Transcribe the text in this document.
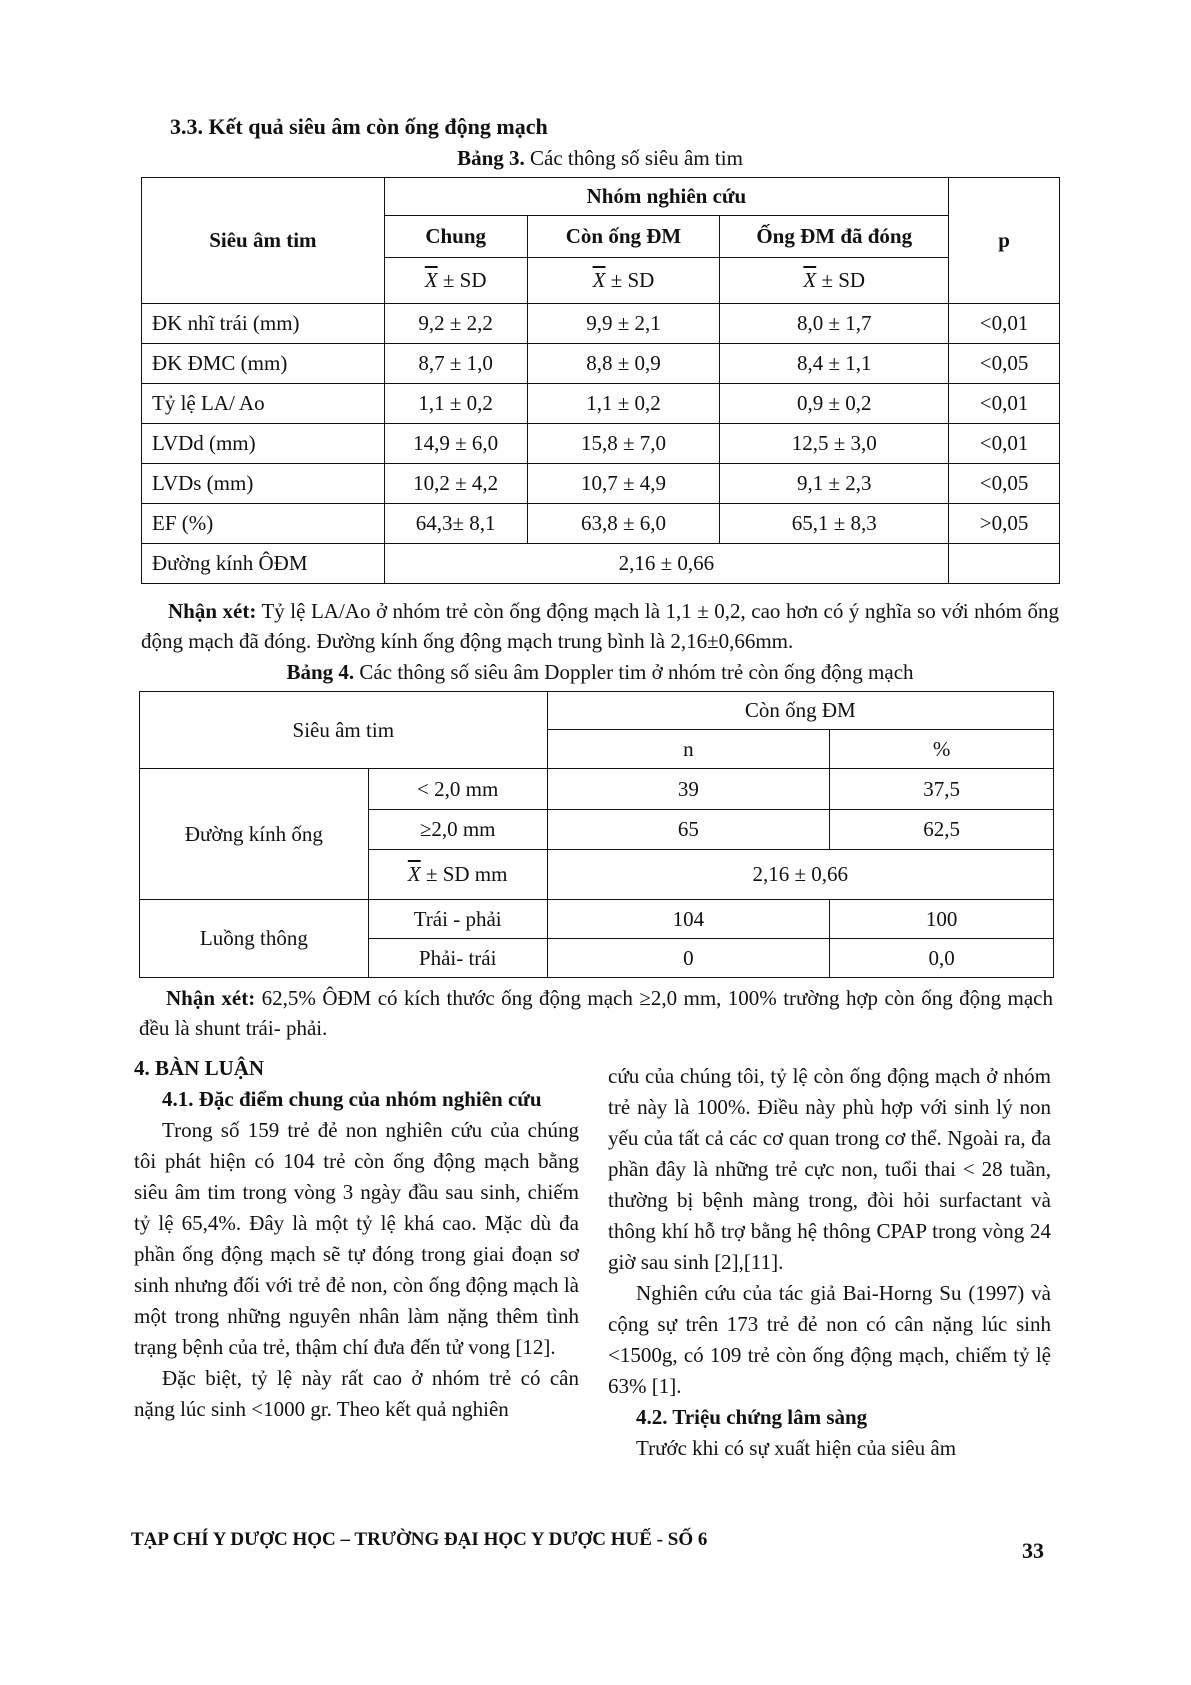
3.3. Kết quả siêu âm còn ống động mạch
Bảng 3. Các thông số siêu âm tim
Siêu âm tim	Nhóm nghiên cứu			p
	Chung	Còn ống ĐM	Ống ĐM đã đóng	
	$\overline{X}$ ± SD	$\overline{X}$ ± SD	$\overline{X}$ ± SD	
ĐK nhĩ trái (mm)	9,2 ± 2,2	9,9 ± 2,1	8,0 ± 1,7	<0,01
ĐK ĐMC (mm)	8,7 ± 1,0	8,8 ± 0,9	8,4 ± 1,1	<0,05
Tỷ lệ LA/ Ao	1,1 ± 0,2	1,1 ± 0,2	0,9 ± 0,2	<0,01
LVDd (mm)	14,9 ± 6,0	15,8 ± 7,0	12,5 ± 3,0	<0,01
LVDs (mm)	10,2 ± 4,2	10,7 ± 4,9	9,1 ± 2,3	<0,05
EF (%)	64,3± 8,1	63,8 ± 6,0	65,1 ± 8,3	>0,05
Đường kính ÔĐM	2,16 ± 0,66			
Nhận xét: Tỷ lệ LA/Ao ở nhóm trẻ còn ống động mạch là 1,1 ± 0,2, cao hơn có ý nghĩa so với nhóm ống động mạch đã đóng. Đường kính ống động mạch trung bình là 2,16±0,66mm.
Bảng 4. Các thông số siêu âm Doppler tim ở nhóm trẻ còn ống động mạch
Siêu âm tim		Còn ống ĐM	
		n	%
Đường kính ống	< 2,0 mm	39	37,5
	≥2,0 mm	65	62,5
	$\overline{X}$ ± SD mm	2,16 ± 0,66	
Luồng thông	Trái - phải	104	100
	Phải- trái	0	0,0
Nhận xét: 62,5% ÔĐM có kích thước ống động mạch ≥2,0 mm, 100% trường hợp còn ống động mạch đều là shunt trái- phải.

4. BÀN LUẬN

4.1. Đặc điểm chung của nhóm nghiên cứu

Trong số 159 trẻ đẻ non nghiên cứu của chúng tôi phát hiện có 104 trẻ còn ống động mạch bằng siêu âm tim trong vòng 3 ngày đầu sau sinh, chiếm tỷ lệ 65,4%. Đây là một tỷ lệ khá cao. Mặc dù đa phần ống động mạch sẽ tự đóng trong giai đoạn sơ sinh nhưng đối với trẻ đẻ non, còn ống động mạch là một trong những nguyên nhân làm nặng thêm tình trạng bệnh của trẻ, thậm chí đưa đến tử vong [12].

Đặc biệt, tỷ lệ này rất cao ở nhóm trẻ có cân nặng lúc sinh <1000 gr. Theo kết quả nghiên

cứu của chúng tôi, tỷ lệ còn ống động mạch ở nhóm trẻ này là 100%. Điều này phù hợp với sinh lý non yếu của tất cả các cơ quan trong cơ thể. Ngoài ra, đa phần đây là những trẻ cực non, tuổi thai < 28 tuần, thường bị bệnh màng trong, đòi hỏi surfactant và thông khí hỗ trợ bằng hệ thông CPAP trong vòng 24 giờ sau sinh [2],[11].

Nghiên cứu của tác giả Bai-Horng Su (1997) và cộng sự trên 173 trẻ đẻ non có cân nặng lúc sinh <1500g, có 109 trẻ còn ống động mạch, chiếm tỷ lệ 63% [1].

4.2. Triệu chứng lâm sàng

Trước khi có sự xuất hiện của siêu âm

TẠP CHÍ Y DƯỢC HỌC – TRƯỜNG ĐẠI HỌC Y DƯỢC HUẾ - SỐ 6	33
